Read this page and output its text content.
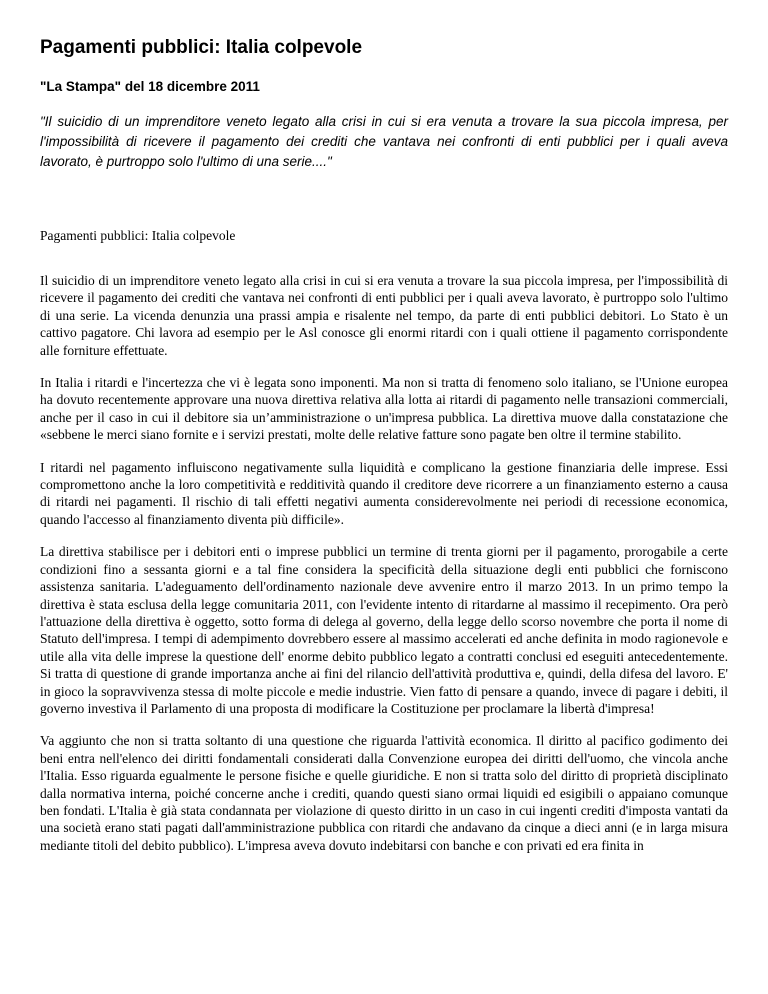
Pagamenti pubblici: Italia colpevole
"La Stampa" del 18 dicembre 2011
"Il suicidio di un imprenditore veneto legato alla crisi in cui si era venuta a trovare la sua piccola impresa, per l'impossibilità di ricevere il pagamento dei crediti che vantava nei confronti di enti pubblici per i quali aveva lavorato, è purtroppo solo l'ultimo di una serie...."
Pagamenti pubblici: Italia colpevole

Il suicidio di un imprenditore veneto legato alla crisi in cui si era venuta a trovare la sua piccola impresa, per l'impossibilità di ricevere il pagamento dei crediti che vantava nei confronti di enti pubblici per i quali aveva lavorato, è purtroppo solo l'ultimo di una serie. La vicenda denunzia una prassi ampia e risalente nel tempo, da parte di enti pubblici debitori. Lo Stato è un cattivo pagatore. Chi lavora ad esempio per le Asl conosce gli enormi ritardi con i quali ottiene il pagamento corrispondente alle forniture effettuate.

In Italia i ritardi e l'incertezza che vi è legata sono imponenti. Ma non si tratta di fenomeno solo italiano, se l'Unione europea ha dovuto recentemente approvare una nuova direttiva relativa alla lotta ai ritardi di pagamento nelle transazioni commerciali, anche per il caso in cui il debitore sia un’amministrazione o un'impresa pubblica. La direttiva muove dalla constatazione che «sebbene le merci siano fornite e i servizi prestati, molte delle relative fatture sono pagate ben oltre il termine stabilito.

I ritardi nel pagamento influiscono negativamente sulla liquidità e complicano la gestione finanziaria delle imprese. Essi compromettono anche la loro competitività e redditività quando il creditore deve ricorrere a un finanziamento esterno a causa di ritardi nei pagamenti. Il rischio di tali effetti negativi aumenta considerevolmente nei periodi di recessione economica, quando l'accesso al finanziamento diventa più difficile».

La direttiva stabilisce per i debitori enti o imprese pubblici un termine di trenta giorni per il pagamento, prorogabile a certe condizioni fino a sessanta giorni e a tal fine considera la specificità della situazione degli enti pubblici che forniscono assistenza sanitaria. L'adeguamento dell'ordinamento nazionale deve avvenire entro il marzo 2013. In un primo tempo la direttiva è stata esclusa della legge comunitaria 2011, con l'evidente intento di ritardarne al massimo il recepimento. Ora però l'attuazione della direttiva è oggetto, sotto forma di delega al governo, della legge dello scorso novembre che porta il nome di Statuto dell'impresa. I tempi di adempimento dovrebbero essere al massimo accelerati ed anche definita in modo ragionevole e utile alla vita delle imprese la questione dell' enorme debito pubblico legato a contratti conclusi ed eseguiti antecedentemente. Si tratta di questione di grande importanza anche ai fini del rilancio dell'attività produttiva e, quindi, della difesa del lavoro. E' in gioco la sopravvivenza stessa di molte piccole e medie industrie. Vien fatto di pensare a quando, invece di pagare i debiti, il governo investiva il Parlamento di una proposta di modificare la Costituzione per proclamare la libertà d'impresa!

Va aggiunto che non si tratta soltanto di una questione che riguarda l'attività economica. Il diritto al pacifico godimento dei beni entra nell'elenco dei diritti fondamentali considerati dalla Convenzione europea dei diritti dell'uomo, che vincola anche l'Italia. Esso riguarda egualmente le persone fisiche e quelle giuridiche. E non si tratta solo del diritto di proprietà disciplinato dalla normativa interna, poiché concerne anche i crediti, quando questi siano ormai liquidi ed esigibili o appaiano comunque ben fondati. L'Italia è già stata condannata per violazione di questo diritto in un caso in cui ingenti crediti d'imposta vantati da una società erano stati pagati dall'amministrazione pubblica con ritardi che andavano da cinque a dieci anni (e in larga misura mediante titoli del debito pubblico). L'impresa aveva dovuto indebitarsi con banche e con privati ed era finita in
